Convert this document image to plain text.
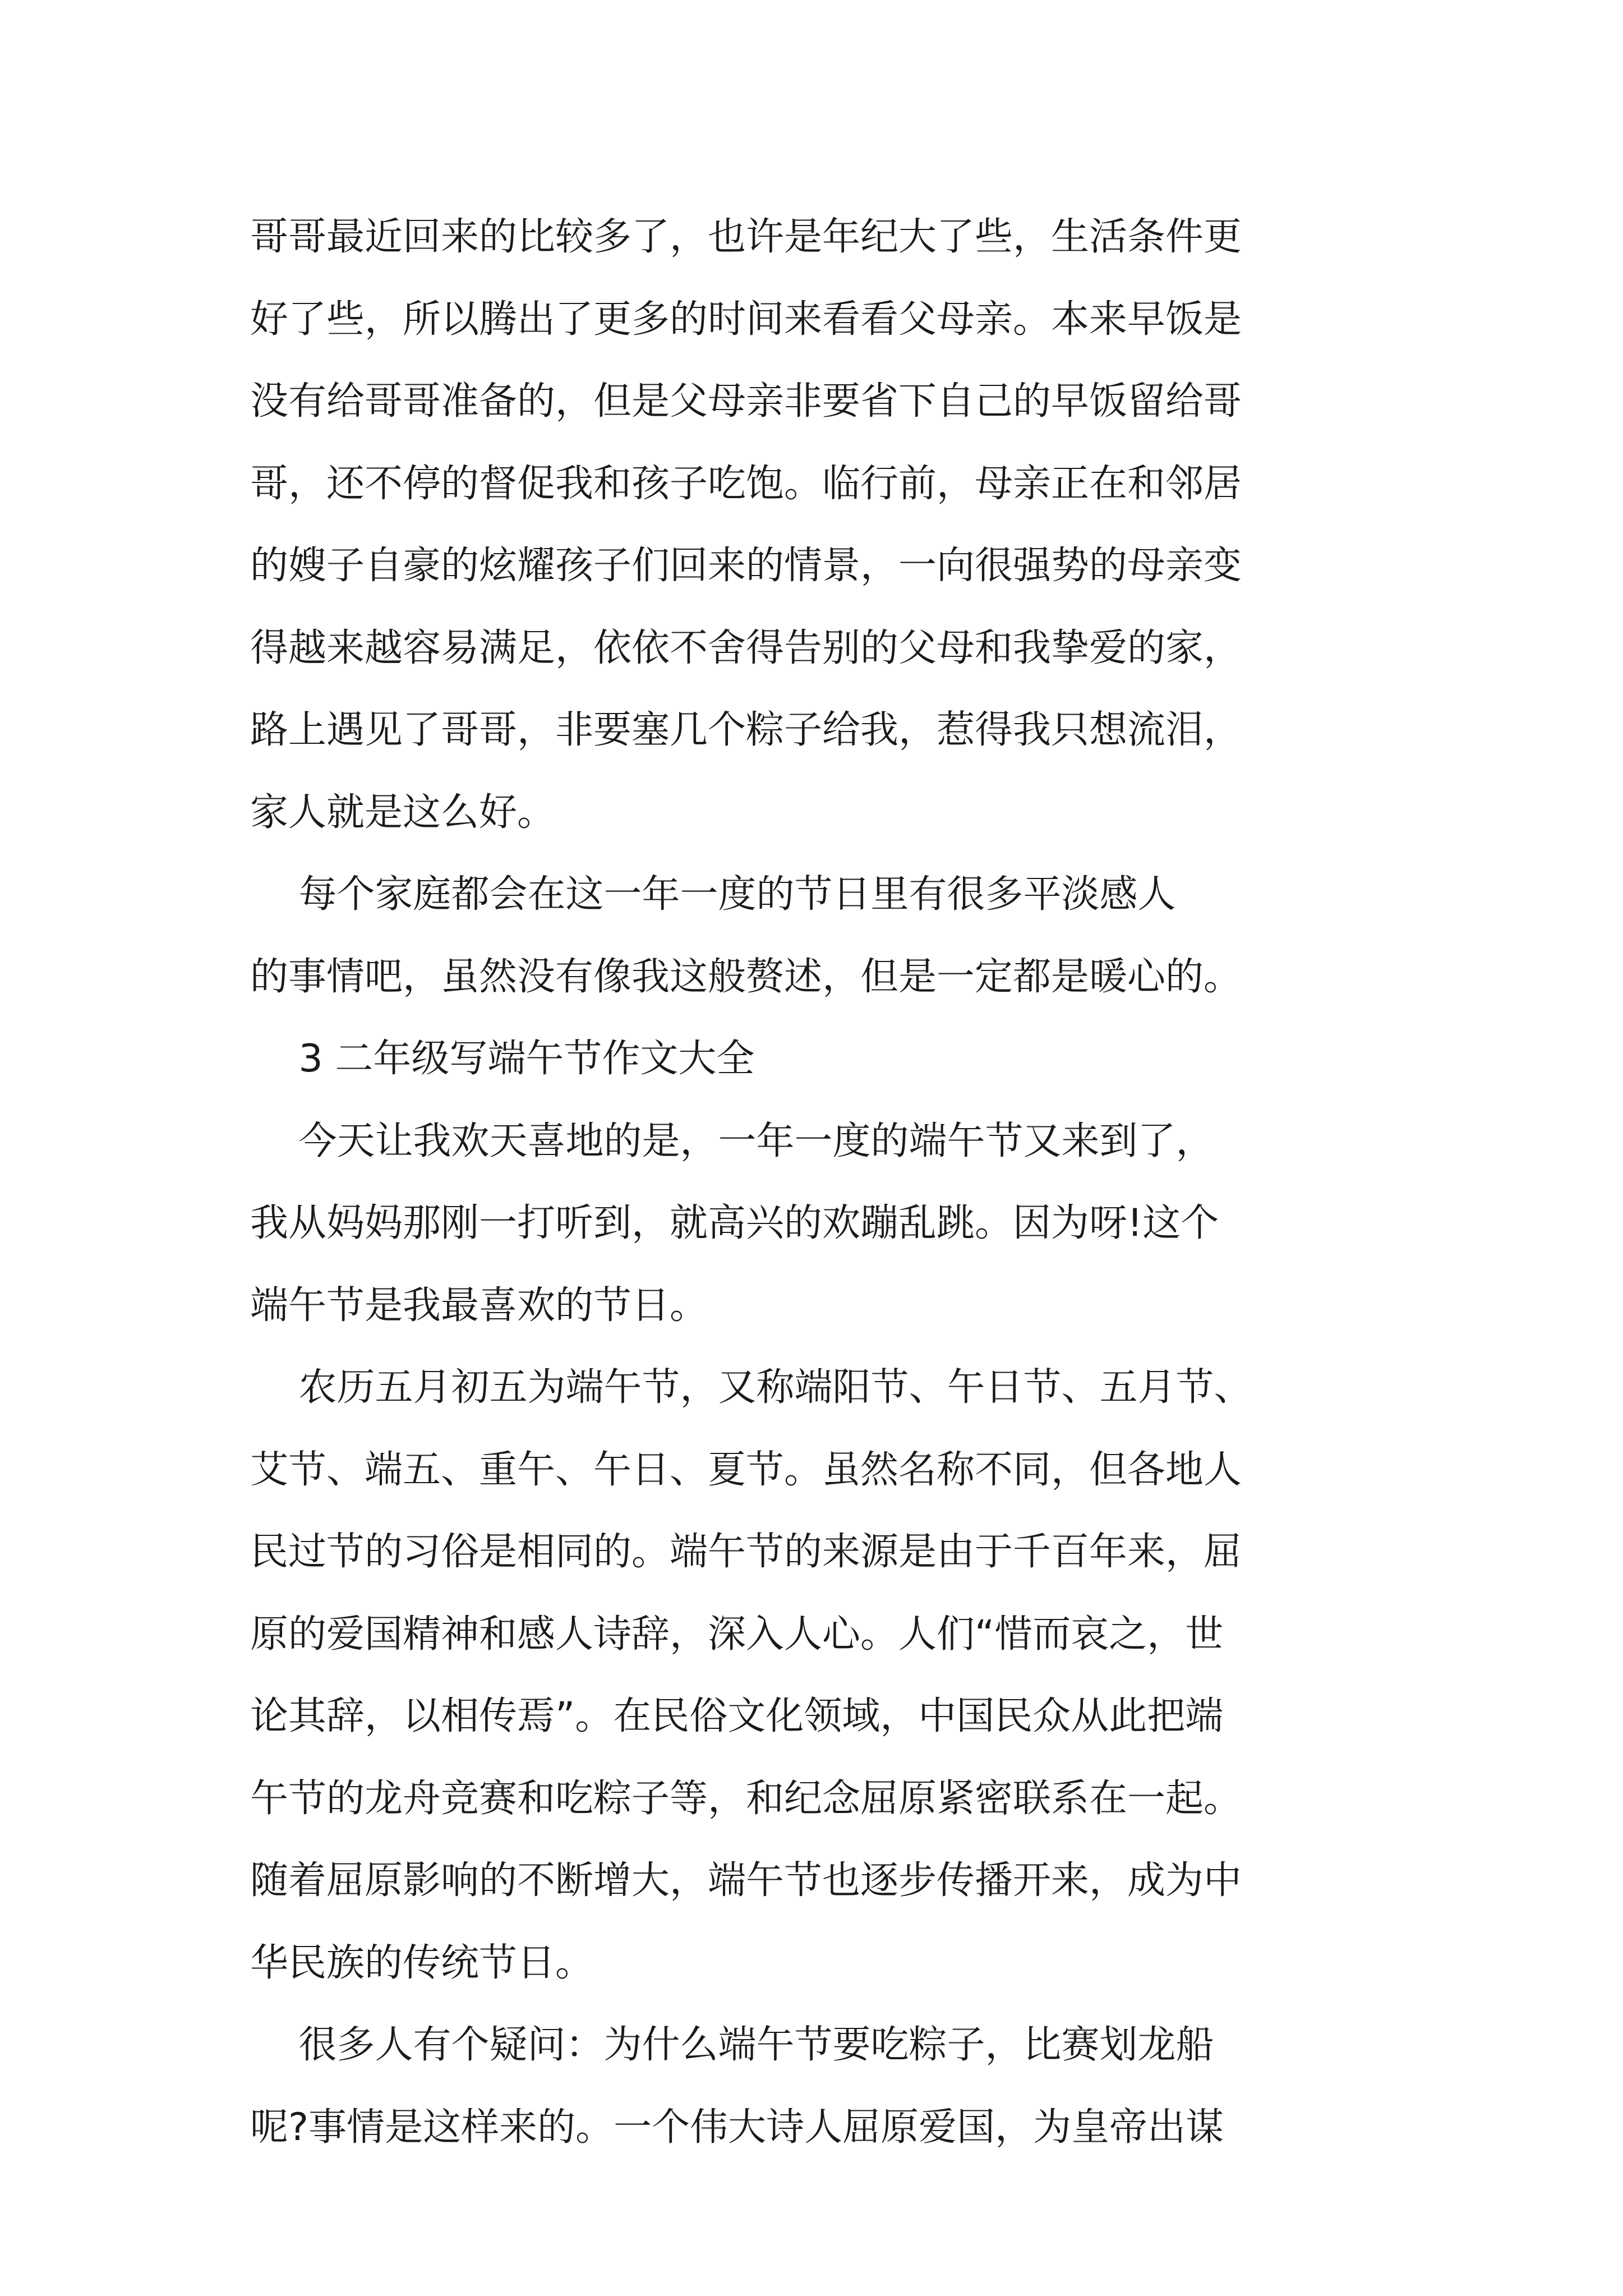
哥哥最近回来的比较多了，也许是年纪大了些，生活条件更
好了些，所以腾出了更多的时间来看看父母亲。本来早饭是
没有给哥哥准备的，但是父母亲非要省下自己的早饭留给哥
哥，还不停的督促我和孩子吃饱。临行前，母亲正在和邻居
的嫂子自豪的炫耀孩子们回来的情景，一向很强势的母亲变
得越来越容易满足，依依不舍得告别的父母和我挚爱的家，
路上遇见了哥哥，非要塞几个粽子给我，惹得我只想流泪，
家人就是这么好。
每个家庭都会在这一年一度的节日里有很多平淡感人
的事情吧，虽然没有像我这般赘述，但是一定都是暖心的。
3 二年级写端午节作文大全
今天让我欢天喜地的是，一年一度的端午节又来到了，
我从妈妈那刚一打听到，就高兴的欢蹦乱跳。因为呀!这个
端午节是我最喜欢的节日。
农历五月初五为端午节，又称端阳节、午日节、五月节、
艾节、端五、重午、午日、夏节。虽然名称不同，但各地人
民过节的习俗是相同的。端午节的来源是由于千百年来，屈
原的爱国精神和感人诗辞，深入人心。人们“惜而哀之，世
论其辞，以相传焉”。在民俗文化领域，中国民众从此把端
午节的龙舟竞赛和吃粽子等，和纪念屈原紧密联系在一起。
随着屈原影响的不断增大，端午节也逐步传播开来，成为中
华民族的传统节日。
很多人有个疑问：为什么端午节要吃粽子，比赛划龙船
呢?事情是这样来的。一个伟大诗人屈原爱国，为皇帝出谋
